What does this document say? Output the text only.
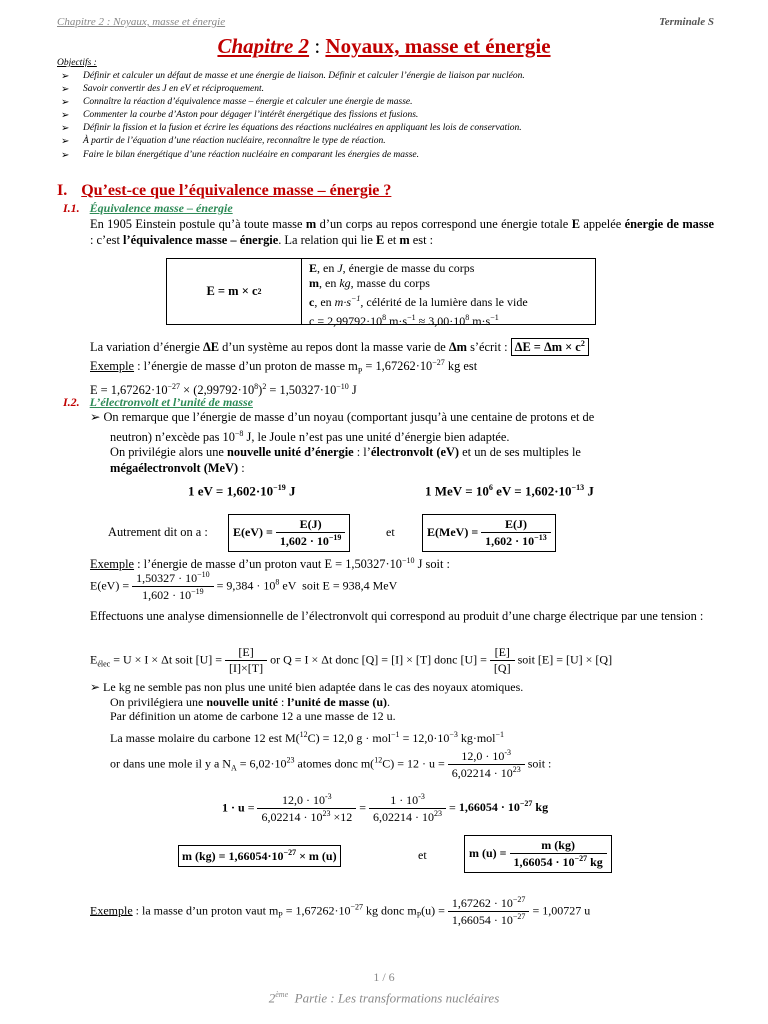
Chapitre 2 : Noyaux, masse et énergie	Terminale S
Chapitre 2 : Noyaux, masse et énergie
Objectifs :
➢ Définir et calculer un défaut de masse et une énergie de liaison. Définir et calculer l’énergie de liaison par nucléon.
➢ Savoir convertir des J en eV et réciproquement.
➢ Connaître la réaction d’équivalence masse – énergie et calculer une énergie de masse.
➢ Commenter la courbe d’Aston pour dégager l’intérêt énergétique des fissions et fusions.
➢ Définir la fission et la fusion et écrire les équations des réactions nucléaires en appliquant les lois de conservation.
➢ À partir de l’équation d’une réaction nucléaire, reconnaître le type de réaction.
➢ Faire le bilan énergétique d’une réaction nucléaire en comparant les énergies de masse.
I. Qu’est-ce que l’équivalence masse – énergie ?
I.1. Équivalence masse – énergie
En 1905 Einstein postule qu’à toute masse m d’un corps au repos correspond une énergie totale E appelée énergie de masse : c’est l’équivalence masse – énergie. La relation qui lie E et m est :
E = m × c 2
E, en J, énergie de masse du corps
m, en kg, masse du corps
c, en $m\cdot s^{-1}$, célérité de la lumière dans le vide
$c = 2,99792\cdot 10^8$ $m\cdot s^{-1} \approx 3,00\cdot 10^8$ $m\cdot s^{-1}$
La variation d’énergie ΔE d’un système au repos dont la masse varie de Δm s’écrit : $\Delta E = \Delta m \times c^2$
Exemple : l’énergie de masse d’un proton de masse $m_P = 1,67262\cdot 10^{-27}$ kg est
$E = 1,67262\cdot 10^{-27} \times (2,99792\cdot 10^8)^2 = 1,50327\cdot 10^{-10}$ J
I.2. L’électronvolt et l’unité de masse
➢ On remarque que l’énergie de masse d’un noyau (comportant jusqu’à une centaine de protons et de
neutron) n’excède pas $10^{-8}$ J, le Joule n’est pas une unité d’énergie bien adaptée.
On privilégie alors une nouvelle unité d’énergie : l’électronvolt (eV) et un de ses multiples le
mégaélectronvolt (MeV) :
1 eV = $1,602\cdot 10^{-19}$ J	1 MeV = $10^6$ eV = $1,602\cdot 10^{-13}$ J
Autrement dit on a :	$E(eV) = \frac{E(J)}{1,602 \cdot 10^{-19}}$	et	$E(MeV) = \frac{E(J)}{1,602 \cdot 10^{-13}}$
Exemple : l’énergie de masse d’un proton vaut $E = 1,50327\cdot 10^{-10}$ J soit :
$E(eV) = \frac{1,50327 \cdot 10^{-10}}{1,602 \cdot 10^{-19}} = 9,384 \cdot 10^8$ eV  soit E = 938,4 MeV
Effectuons une analyse dimensionnelle de l’électronvolt qui correspond au produit d’une charge électrique par une tension :
$E_{élec} = U \times I \times \Delta t$ soit $[U] = \frac{[E]}{[I]\times[T]}$ or Q = I × Δt donc [Q] = [I] × [T] donc $[U] = \frac{[E]}{[Q]}$ soit [E] = [U] × [Q]
➢ Le kg ne semble pas non plus une unité bien adaptée dans le cas des noyaux atomiques.
On privilégiera une nouvelle unité : l’unité de masse (u).
Par définition un atome de carbone 12 a une masse de 12 u.
La masse molaire du carbone 12 est M($^{12}$C) = 12,0 $g \cdot mol^{-1} = 12,0\cdot 10^{-3}$ kg·mol$^{-1}$
or dans une mole il y a $N_A = 6,02\cdot 10^{23}$ atomes donc $m(^{12}C) = 12 \cdot u = \frac{12,0 \cdot 10^{-3}}{6,02214 \cdot 10^{23}}$ soit :
$1 \cdot u = \frac{12,0 \cdot 10^{-3}}{6,02214 \cdot 10^{23} \times 12} = \frac{1 \cdot 10^{-3}}{6,02214 \cdot 10^{23}} = 1,66054 \cdot 10^{-27}$ kg
m $(kg) = 1,66054\cdot 10^{-27} \times m$ (u)	et	m $(u) = \frac{m (kg)}{1,66054 \cdot 10^{-27} kg}$
Exemple : la masse d’un proton vaut $m_P = 1,67262\cdot 10^{-27}$ kg donc $m_P(u) = \frac{1,67262 \cdot 10^{-27}}{1,66054 \cdot 10^{-27}} = 1,00727$ u
1 / 6
2ème Partie : Les transformations nucléaires
